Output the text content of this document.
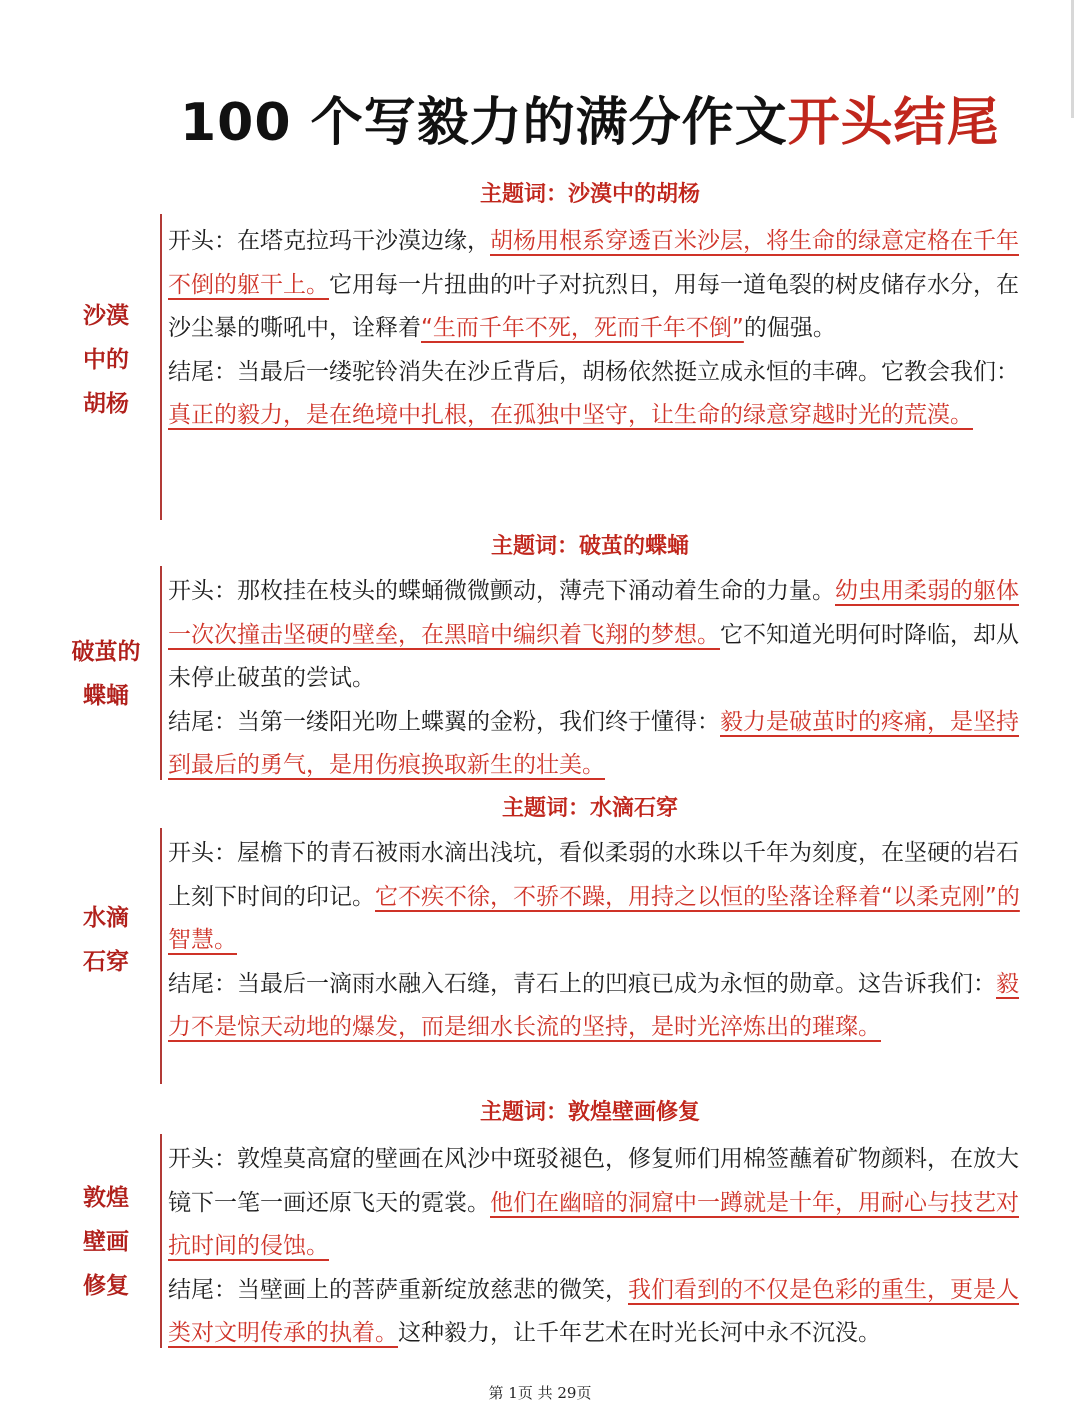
100 个写毅力的满分作文开头结尾
主题词：沙漠中的胡杨
沙漠
中的
胡杨

开头：在塔克拉玛干沙漠边缘，胡杨用根系穿透百米沙层，将生命的绿意定格在千年不倒的躯干上。它用每一片扭曲的叶子对抗烈日，用每一道龟裂的树皮储存水分，在沙尘暴的嘶吼中，诠释着“生而千年不死，死而千年不倒”的倔强。

结尾：当最后一缕驼铃消失在沙丘背后，胡杨依然挺立成永恒的丰碑。它教会我们：真正的毅力，是在绝境中扎根，在孤独中坚守，让生命的绿意穿越时光的荒漠。

主题词：破茧的蝶蛹
破茧的
蝶蛹

开头：那枚挂在枝头的蝶蛹微微颤动，薄壳下涌动着生命的力量。幼虫用柔弱的躯体一次次撞击坚硬的壁垒，在黑暗中编织着飞翔的梦想。它不知道光明何时降临，却从未停止破茧的尝试。

结尾：当第一缕阳光吻上蝶翼的金粉，我们终于懂得：毅力是破茧时的疼痛，是坚持到最后的勇气，是用伤痕换取新生的壮美。

主题词：水滴石穿
水滴
石穿

开头：屋檐下的青石被雨水滴出浅坑，看似柔弱的水珠以千年为刻度，在坚硬的岩石上刻下时间的印记。它不疾不徐，不骄不躁，用持之以恒的坠落诠释着“以柔克刚”的智慧。

结尾：当最后一滴雨水融入石缝，青石上的凹痕已成为永恒的勋章。这告诉我们：毅力不是惊天动地的爆发，而是细水长流的坚持，是时光淬炼出的璀璨。

主题词：敦煌壁画修复
敦煌
壁画
修复

开头：敦煌莫高窟的壁画在风沙中斑驳褪色，修复师们用棉签蘸着矿物颜料，在放大镜下一笔一画还原飞天的霓裳。他们在幽暗的洞窟中一蹲就是十年，用耐心与技艺对抗时间的侵蚀。

结尾：当壁画上的菩萨重新绽放慈悲的微笑，我们看到的不仅是色彩的重生，更是人类对文明传承的执着。这种毅力，让千年艺术在时光长河中永不沉没。

第 1页 共 29页
